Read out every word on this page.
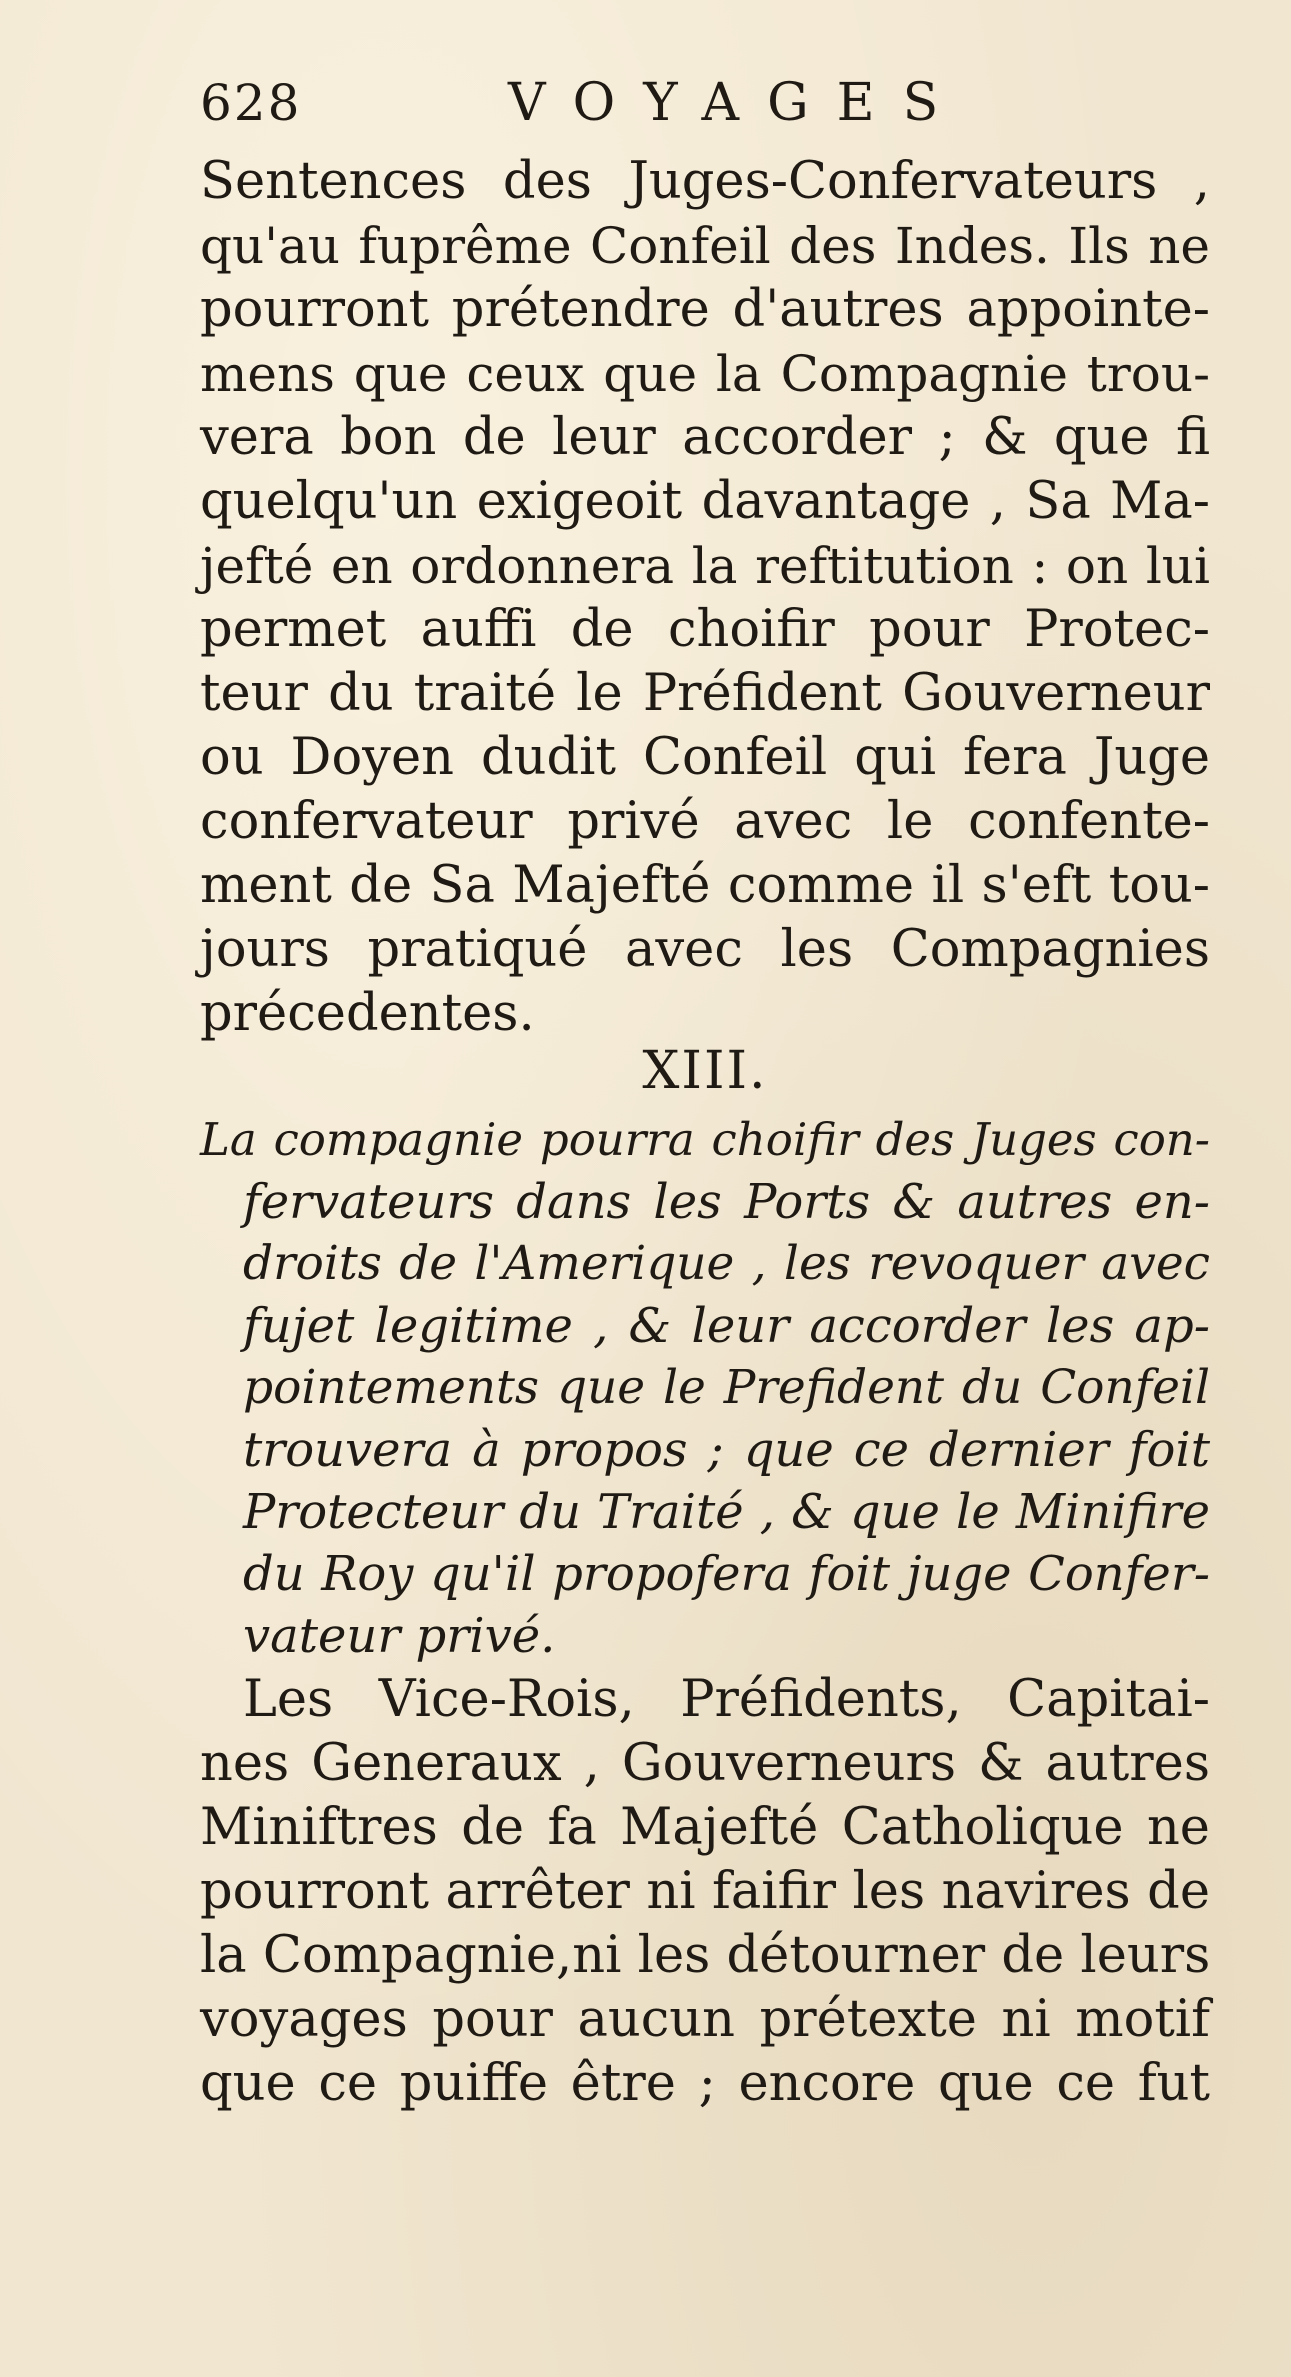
628	VOYAGES
Sentences des Juges-Confervateurs ,
qu'au fuprême Confeil des Indes. Ils ne
pourront prétendre d'autres appointe-
mens que ceux que la Compagnie trou-
vera bon de leur accorder ; & que fi
quelqu'un exigeoit davantage , Sa Ma-
jefté en ordonnera la reftitution : on lui
permet auffi de choifir pour Protec-
teur du traité le Préfident Gouverneur
ou Doyen dudit Confeil qui fera Juge
confervateur privé avec le confente-
ment de Sa Majefté comme il s'eft tou-
jours pratiqué avec les Compagnies
précedentes.
XIII.
La compagnie pourra choifir des Juges con-
fervateurs dans les Ports & autres en-
droits de l'Amerique , les revoquer avec
fujet legitime , & leur accorder les ap-
pointements que le Prefident du Confeil
trouvera à propos ; que ce dernier foit
Protecteur du Traité , & que le Minifire
du Roy qu'il propofera foit juge Confer-
vateur privé.
Les Vice-Rois, Préfidents, Capitai-
nes Generaux , Gouverneurs & autres
Miniftres de fa Majefté Catholique ne
pourront arrêter ni faifir les navires de
la Compagnie,ni les détourner de leurs
voyages pour aucun prétexte ni motif
que ce puiffe être ; encore que ce fut
